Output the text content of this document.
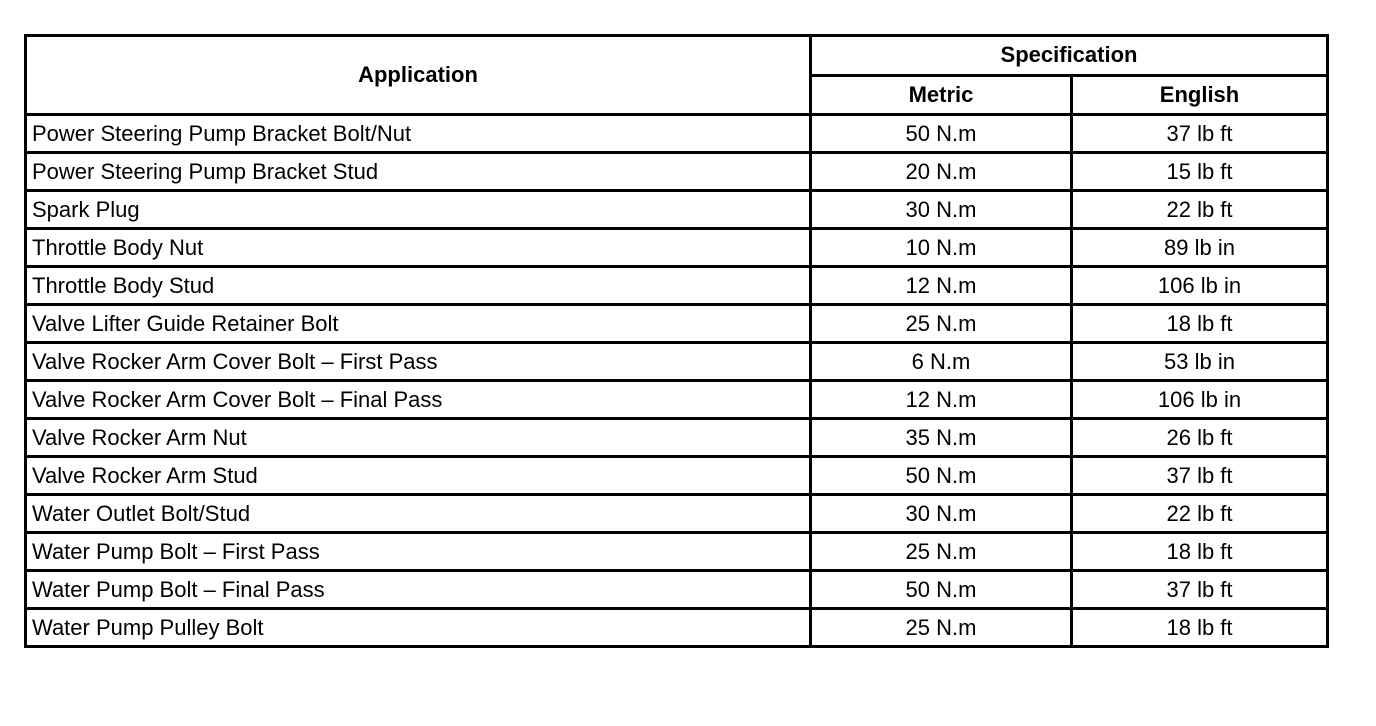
Application	Specification	
	Metric	English
Power Steering Pump Bracket Bolt/Nut	50 N.m	37 lb ft
Power Steering Pump Bracket Stud	20 N.m	15 lb ft
Spark Plug	30 N.m	22 lb ft
Throttle Body Nut	10 N.m	89 lb in
Throttle Body Stud	12 N.m	106 lb in
Valve Lifter Guide Retainer Bolt	25 N.m	18 lb ft
Valve Rocker Arm Cover Bolt – First Pass	6 N.m	53 lb in
Valve Rocker Arm Cover Bolt – Final Pass	12 N.m	106 lb in
Valve Rocker Arm Nut	35 N.m	26 lb ft
Valve Rocker Arm Stud	50 N.m	37 lb ft
Water Outlet Bolt/Stud	30 N.m	22 lb ft
Water Pump Bolt – First Pass	25 N.m	18 lb ft
Water Pump Bolt – Final Pass	50 N.m	37 lb ft
Water Pump Pulley Bolt	25 N.m	18 lb ft
